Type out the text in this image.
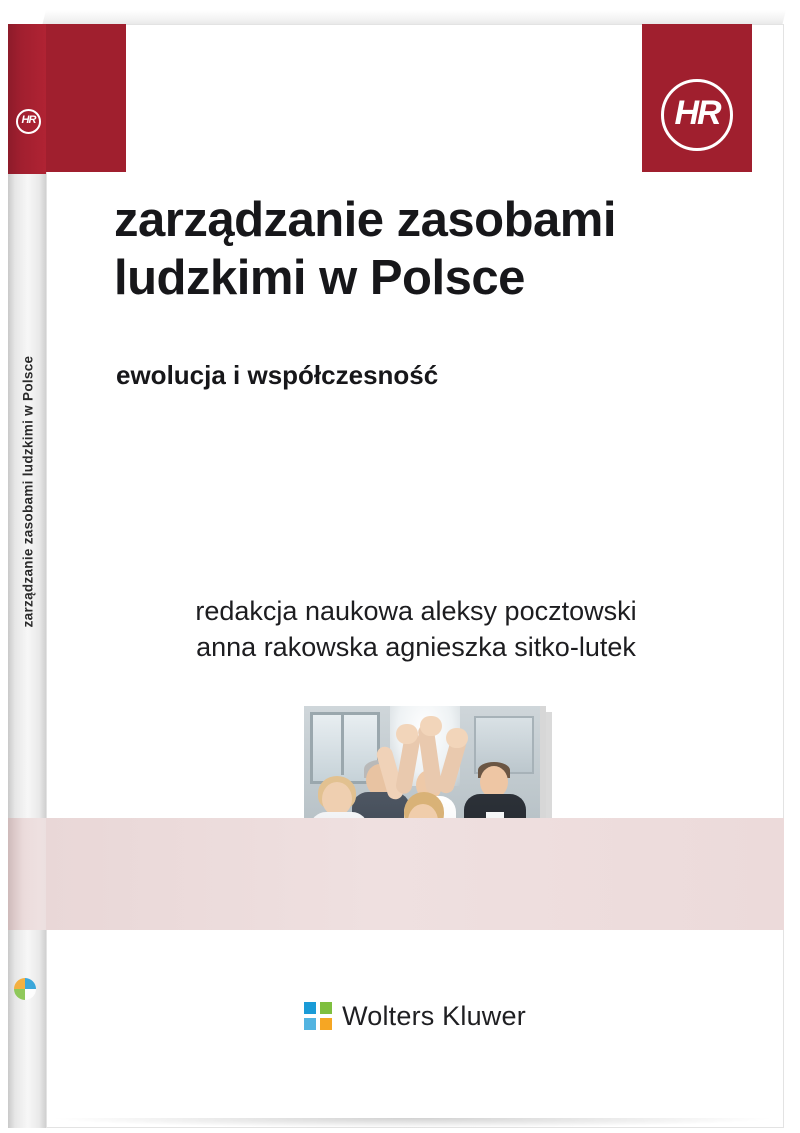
HR
zarządzanie zasobami ludzkimi w Polsce
HR
zarządzanie zasobami
ludzkimi w Polsce
ewolucja i współczesność
redakcja naukowa aleksy pocztowski
anna rakowska agnieszka sitko-lutek
Wolters Kluwer
